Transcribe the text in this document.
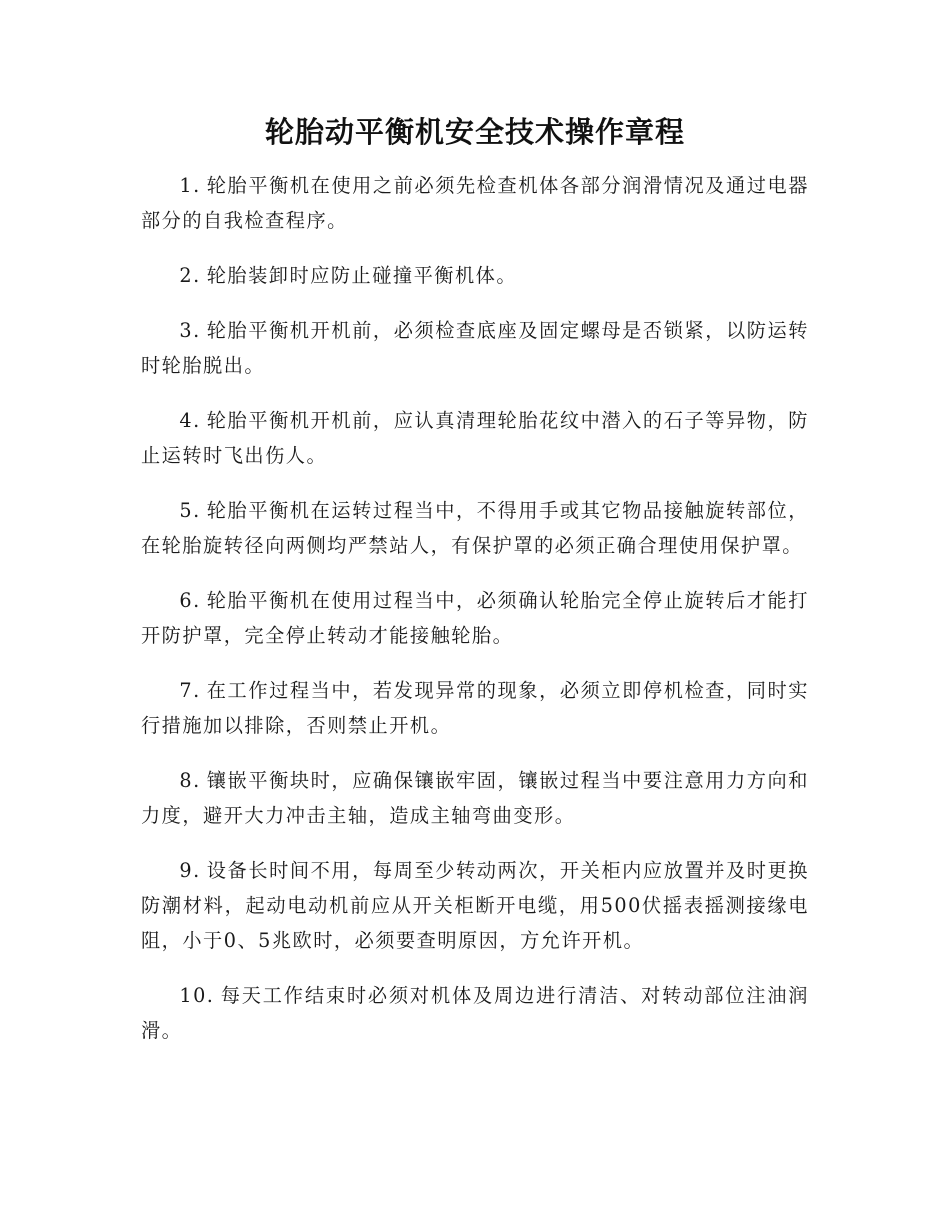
轮胎动平衡机安全技术操作章程

1. 轮胎平衡机在使用之前必须先检查机体各部分润滑情况及通过电器部分的自我检查程序。

2. 轮胎装卸时应防止碰撞平衡机体。

3. 轮胎平衡机开机前，必须检查底座及固定螺母是否锁紧，以防运转时轮胎脱出。

4. 轮胎平衡机开机前，应认真清理轮胎花纹中潜入的石子等异物，防止运转时飞出伤人。

5. 轮胎平衡机在运转过程当中，不得用手或其它物品接触旋转部位，在轮胎旋转径向两侧均严禁站人，有保护罩的必须正确合理使用保护罩。

6. 轮胎平衡机在使用过程当中，必须确认轮胎完全停止旋转后才能打开防护罩，完全停止转动才能接触轮胎。

7. 在工作过程当中，若发现异常的现象，必须立即停机检查，同时实行措施加以排除，否则禁止开机。

8. 镶嵌平衡块时，应确保镶嵌牢固，镶嵌过程当中要注意用力方向和力度，避开大力冲击主轴，造成主轴弯曲变形。

9. 设备长时间不用，每周至少转动两次，开关柜内应放置并及时更换防潮材料，起动电动机前应从开关柜断开电缆，用500伏摇表摇测接缘电阻，小于0、5兆欧时，必须要查明原因，方允许开机。

10. 每天工作结束时必须对机体及周边进行清洁、对转动部位注油润滑。
